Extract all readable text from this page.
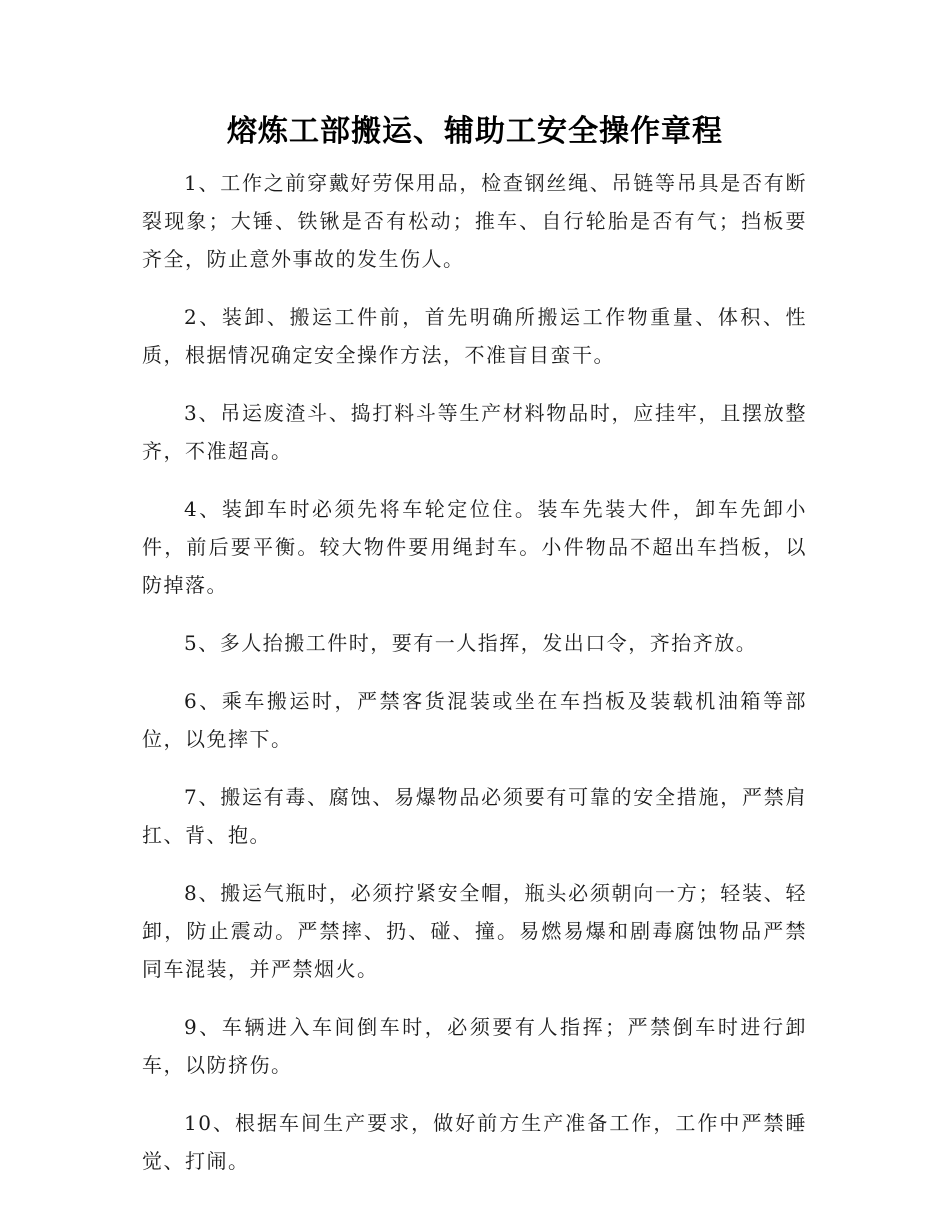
熔炼工部搬运、辅助工安全操作章程

1、工作之前穿戴好劳保用品，检查钢丝绳、吊链等吊具是否有断裂现象；大锤、铁锹是否有松动；推车、自行轮胎是否有气；挡板要齐全，防止意外事故的发生伤人。

2、装卸、搬运工件前，首先明确所搬运工作物重量、体积、性质，根据情况确定安全操作方法，不准盲目蛮干。

3、吊运废渣斗、捣打料斗等生产材料物品时，应挂牢，且摆放整齐，不准超高。

4、装卸车时必须先将车轮定位住。装车先装大件，卸车先卸小件，前后要平衡。较大物件要用绳封车。小件物品不超出车挡板，以防掉落。

5、多人抬搬工件时，要有一人指挥，发出口令，齐抬齐放。

6、乘车搬运时，严禁客货混装或坐在车挡板及装载机油箱等部位，以免摔下。

7、搬运有毒、腐蚀、易爆物品必须要有可靠的安全措施，严禁肩扛、背、抱。

8、搬运气瓶时，必须拧紧安全帽，瓶头必须朝向一方；轻装、轻卸，防止震动。严禁摔、扔、碰、撞。易燃易爆和剧毒腐蚀物品严禁同车混装，并严禁烟火。

9、车辆进入车间倒车时，必须要有人指挥；严禁倒车时进行卸车，以防挤伤。

10、根据车间生产要求，做好前方生产准备工作，工作中严禁睡觉、打闹。
